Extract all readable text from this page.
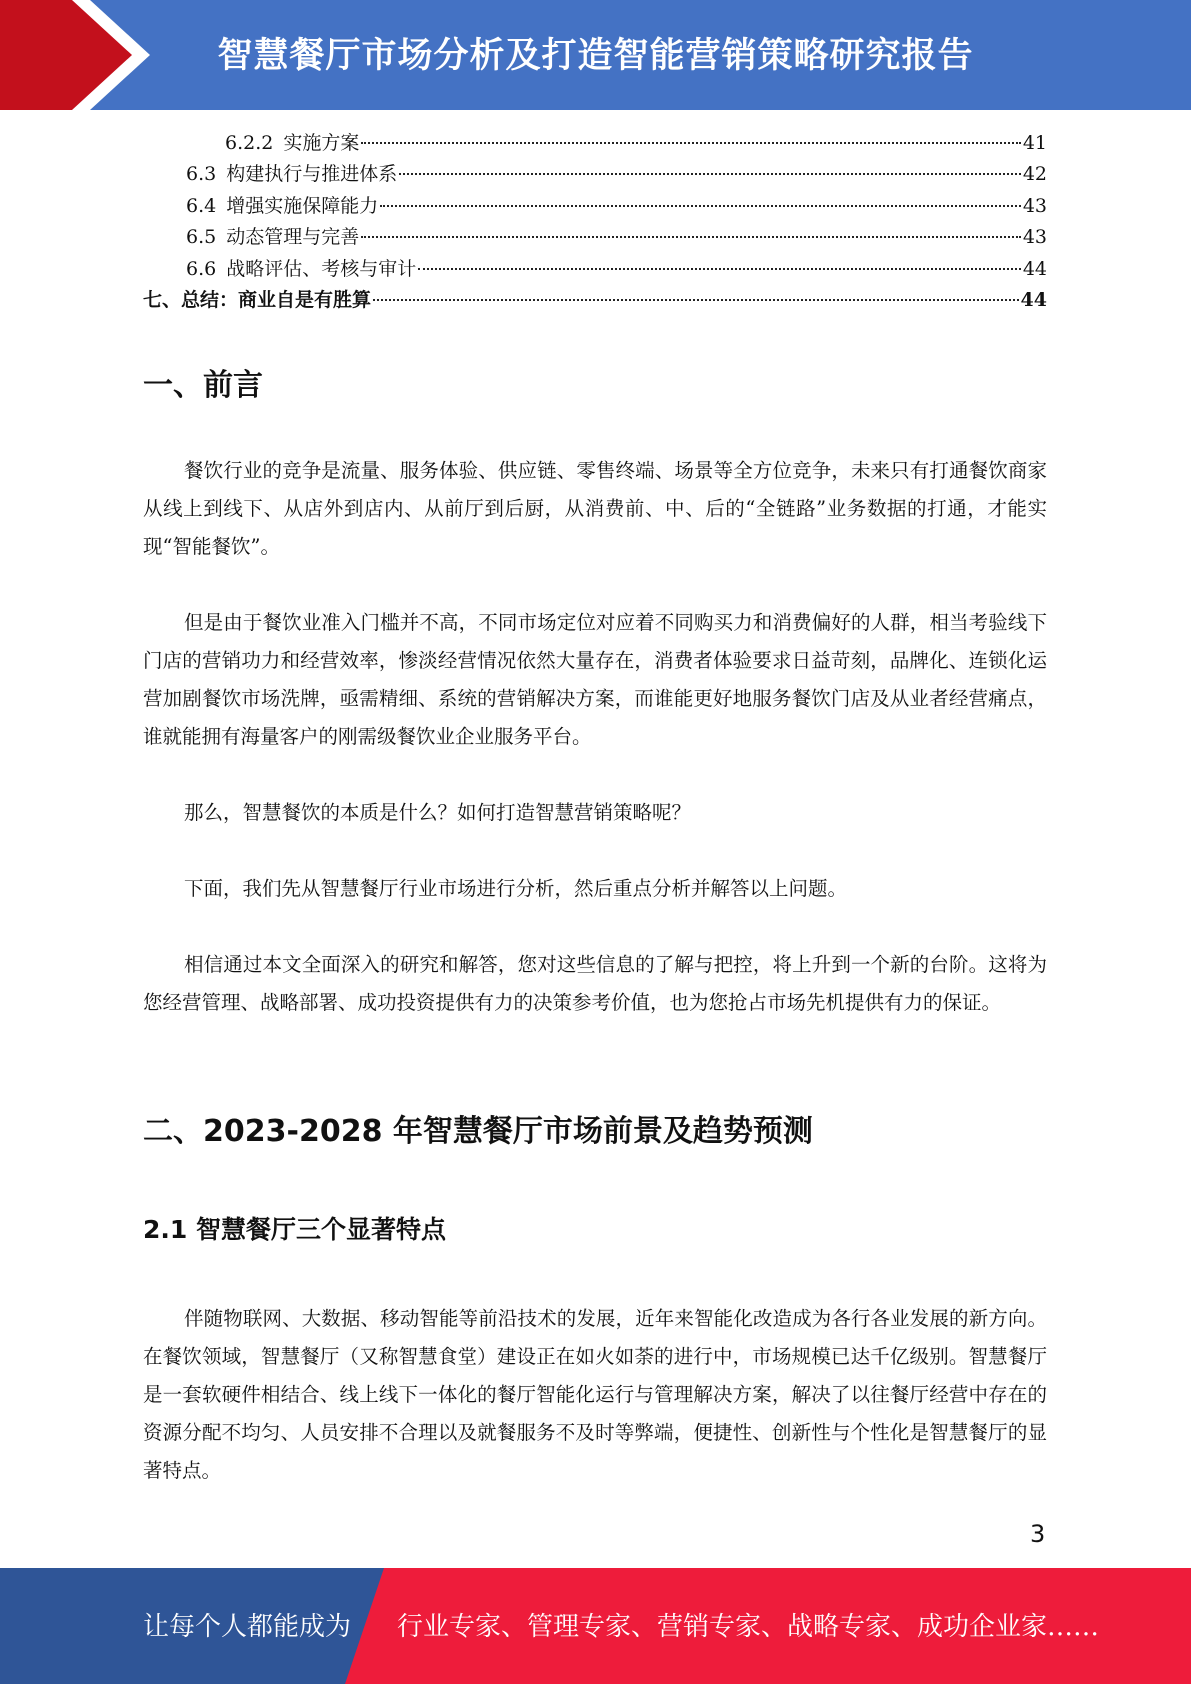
智慧餐厅市场分析及打造智能营销策略研究报告
6.2.2 实施方案	41
6.3 构建执行与推进体系	42
6.4 增强实施保障能力	43
6.5 动态管理与完善	43
6.6 战略评估、考核与审计	44
七、总结：商业自是有胜算	44
一、前言

餐饮行业的竞争是流量、服务体验、供应链、零售终端、场景等全方位竞争，未来只有打通餐饮商家从线上到线下、从店外到店内、从前厅到后厨，从消费前、中、后的“全链路”业务数据的打通，才能实现“智能餐饮”。

但是由于餐饮业准入门槛并不高，不同市场定位对应着不同购买力和消费偏好的人群，相当考验线下门店的营销功力和经营效率，惨淡经营情况依然大量存在，消费者体验要求日益苛刻，品牌化、连锁化运营加剧餐饮市场洗牌，亟需精细、系统的营销解决方案，而谁能更好地服务餐饮门店及从业者经营痛点，谁就能拥有海量客户的刚需级餐饮业企业服务平台。

那么，智慧餐饮的本质是什么？如何打造智慧营销策略呢？

下面，我们先从智慧餐厅行业市场进行分析，然后重点分析并解答以上问题。

相信通过本文全面深入的研究和解答，您对这些信息的了解与把控，将上升到一个新的台阶。这将为您经营管理、战略部署、成功投资提供有力的决策参考价值，也为您抢占市场先机提供有力的保证。

二、2023-2028 年智慧餐厅市场前景及趋势预测
2.1 智慧餐厅三个显著特点

伴随物联网、大数据、移动智能等前沿技术的发展，近年来智能化改造成为各行各业发展的新方向。在餐饮领域，智慧餐厅（又称智慧食堂）建设正在如火如荼的进行中，市场规模已达千亿级别。智慧餐厅是一套软硬件相结合、线上线下一体化的餐厅智能化运行与管理解决方案，解决了以往餐厅经营中存在的资源分配不均匀、人员安排不合理以及就餐服务不及时等弊端，便捷性、创新性与个性化是智慧餐厅的显著特点。

3
让每个人都能成为 行业专家、管理专家、营销专家、战略专家、成功企业家……
